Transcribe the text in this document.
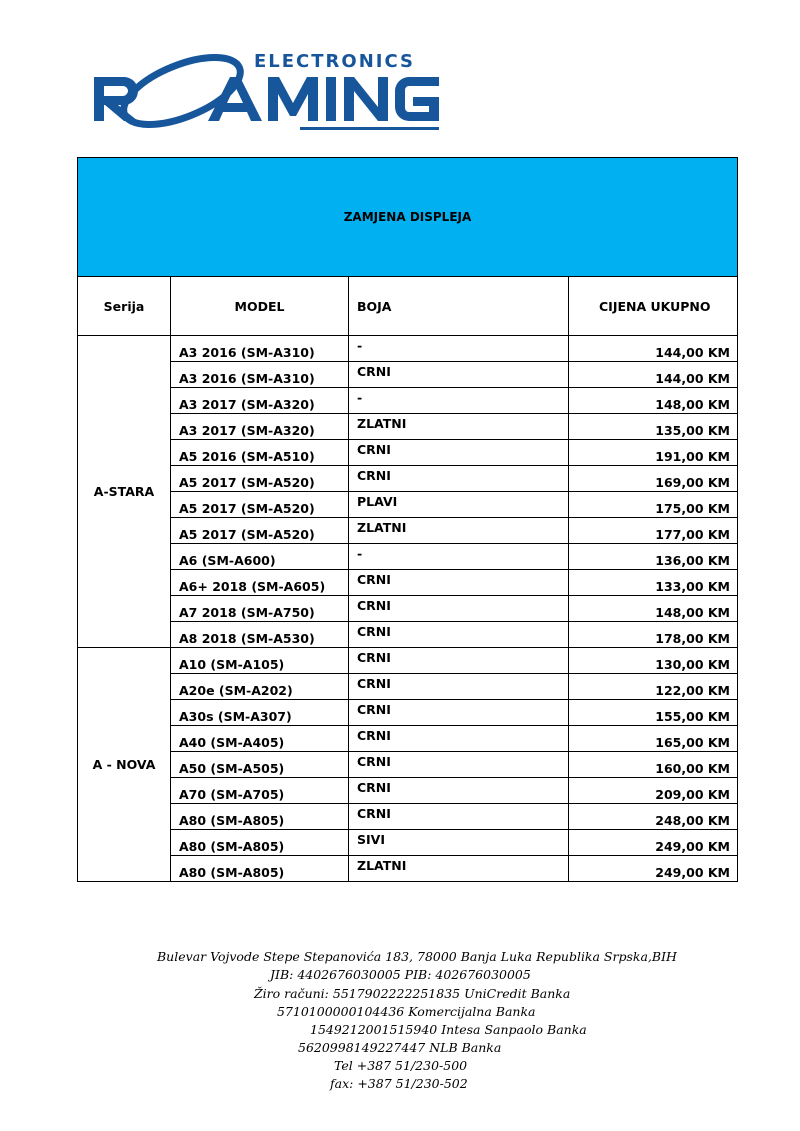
ELECTRONICS
ZAMJENA DISPLEJA			
Serija	MODEL	BOJA	CIJENA UKUPNO
A-STARA	A3 2016 (SM-A310)	-	144,00 KM
	A3 2016 (SM-A310)	CRNI	144,00 KM
	A3 2017 (SM-A320)	-	148,00 KM
	A3 2017 (SM-A320)	ZLATNI	135,00 KM
	A5 2016 (SM-A510)	CRNI	191,00 KM
	A5 2017 (SM-A520)	CRNI	169,00 KM
	A5 2017 (SM-A520)	PLAVI	175,00 KM
	A5 2017 (SM-A520)	ZLATNI	177,00 KM
	A6 (SM-A600)	-	136,00 KM
	A6+ 2018 (SM-A605)	CRNI	133,00 KM
	A7 2018 (SM-A750)	CRNI	148,00 KM
	A8 2018 (SM-A530)	CRNI	178,00 KM
A - NOVA	A10 (SM-A105)	CRNI	130,00 KM
	A20e (SM-A202)	CRNI	122,00 KM
	A30s (SM-A307)	CRNI	155,00 KM
	A40 (SM-A405)	CRNI	165,00 KM
	A50 (SM-A505)	CRNI	160,00 KM
	A70 (SM-A705)	CRNI	209,00 KM
	A80 (SM-A805)	CRNI	248,00 KM
	A80 (SM-A805)	SIVI	249,00 KM
	A80 (SM-A805)	ZLATNI	249,00 KM
Bulevar Vojvode Stepe Stepanovića 183, 78000 Banja Luka Republika Srpska,BIH
JIB: 4402676030005 PIB: 402676030005
Žiro računi: 5517902222251835 UniCredit Banka
5710100000104436 Komercijalna Banka
1549212001515940 Intesa Sanpaolo Banka
5620998149227447 NLB Banka
Tel +387 51/230-500
fax: +387 51/230-502
